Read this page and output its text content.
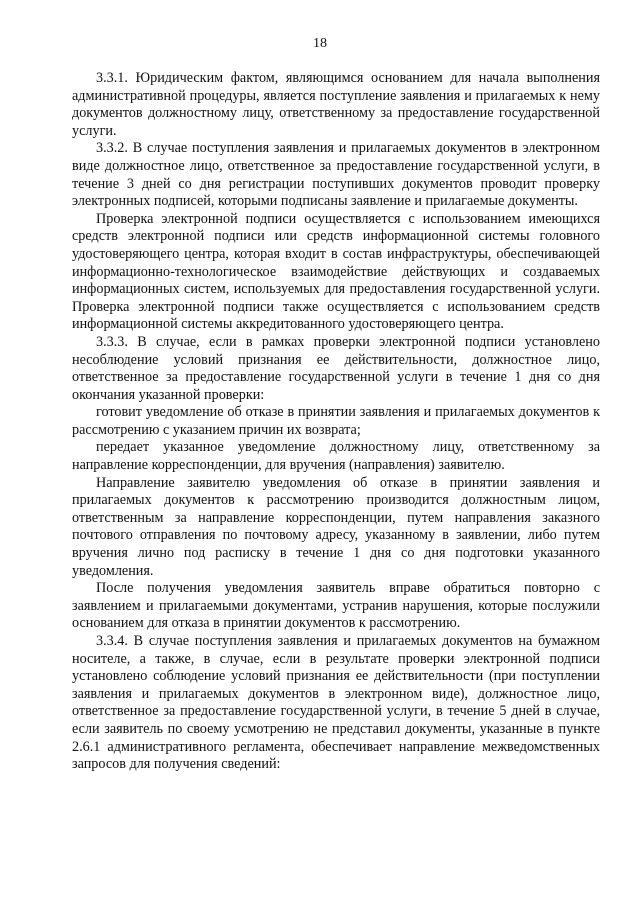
18

3.3.1. Юридическим фактом, являющимся основанием для начала выполнения административной процедуры, является поступление заявления и прилагаемых к нему документов должностному лицу, ответственному за предоставление государственной услуги.

3.3.2. В случае поступления заявления и прилагаемых документов в электронном виде должностное лицо, ответственное за предоставление государственной услуги, в течение 3 дней со дня регистрации поступивших документов проводит проверку электронных подписей, которыми подписаны заявление и прилагаемые документы.

Проверка электронной подписи осуществляется с использованием имеющихся средств электронной подписи или средств информационной системы головного удостоверяющего центра, которая входит в состав инфраструктуры, обеспечивающей информационно-технологическое взаимодействие действующих и создаваемых информационных систем, используемых для предоставления государственной услуги. Проверка электронной подписи также осуществляется с использованием средств информационной системы аккредитованного удостоверяющего центра.

3.3.3. В случае, если в рамках проверки электронной подписи установлено несоблюдение условий признания ее действительности, должностное лицо, ответственное за предоставление государственной услуги в течение 1 дня со дня окончания указанной проверки:

готовит уведомление об отказе в принятии заявления и прилагаемых документов к рассмотрению с указанием причин их возврата;

передает указанное уведомление должностному лицу, ответственному за направление корреспонденции, для вручения (направления) заявителю.

Направление заявителю уведомления об отказе в принятии заявления и прилагаемых документов к рассмотрению производится должностным лицом, ответственным за направление корреспонденции, путем направления заказного почтового отправления по почтовому адресу, указанному в заявлении, либо путем вручения лично под расписку в течение 1 дня со дня подготовки указанного уведомления.

После получения уведомления заявитель вправе обратиться повторно с заявлением и прилагаемыми документами, устранив нарушения, которые послужили основанием для отказа в принятии документов к рассмотрению.

3.3.4. В случае поступления заявления и прилагаемых документов на бумажном носителе, а также, в случае, если в результате проверки электронной подписи установлено соблюдение условий признания ее действительности (при поступлении заявления и прилагаемых документов в электронном виде), должностное лицо, ответственное за предоставление государственной услуги, в течение 5 дней в случае, если заявитель по своему усмотрению не представил документы, указанные в пункте 2.6.1 административного регламента, обеспечивает направление межведомственных запросов для получения сведений:
